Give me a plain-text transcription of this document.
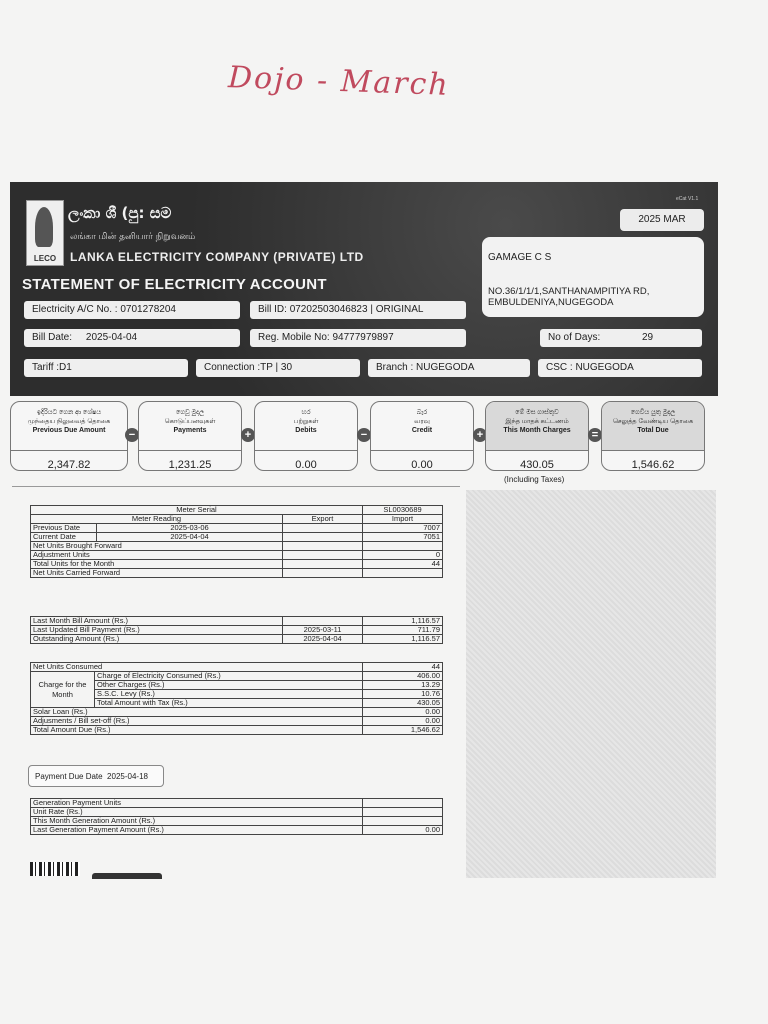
Dojo - March
eCat V1.1
LECO
ලංකා ශී (පු: සම
லங்கா மின் தனியார் நிறுவனம்
LANKA ELECTRICITY COMPANY (PRIVATE) LTD
STATEMENT OF ELECTRICITY ACCOUNT
2025 MAR
GAMAGE C S
NO.36/1/1/1,SANTHANAMPITIYA RD,
EMBULDENIYA,NUGEGODA
Electricity A/C No. : 0701278204	Bill ID: 07202503046823 | ORIGINAL
Bill Date: 2025-04-04	Reg. Mobile No: 94777979897	No of Days:	29
Tariff :D1	Connection :TP | 30	Branch : NUGEGODA	CSC : NUGEGODA
ඉදිරියට ගෙන ආ ශේෂය
முந்தைய நிலுவைத் தொகை
Previous Due Amount
2,347.82
−
ගෙවූ මුදල
கொடுப்பனவுகள்
Payments
1,231.25
+
හර
பற்றுகள்
Debits
0.00
−
බැර
வரவு
Credit
0.00
+
මේ මස ගාස්තුව
இந்த மாதக் கட்டணம்
This Month Charges
430.05
=
ගෙවිය යුතු මුදල
செலுத்த வேண்டிய தொகை
Total Due
1,546.62
(Including Taxes)
Meter Serial			SL0030689
Meter Reading		Export	Import
Previous Date	2025-03-06		7007
Current Date	2025-04-04		7051
Net Units Brought Forward			
Adjustment Units			0
Total Units for the Month			44
Net Units Carried Forward			
Last Month Bill Amount (Rs.)		1,116.57
Last Updated Bill Payment (Rs.)	2025-03-11	711.79
Outstanding Amount (Rs.)	2025-04-04	1,116.57
Net Units Consumed		44
Charge for the Month	Charge of Electricity Consumed (Rs.)	406.00
	Other Charges (Rs.)	13.29
	S.S.C. Levy (Rs.)	10.76
	Total Amount with Tax (Rs.)	430.05
Solar Loan (Rs.)		0.00
Adjusments / Bill set-off (Rs.)		0.00
Total Amount Due (Rs.)		1,546.62
Payment Due Date 2025-04-18
Generation Payment Units	
Unit Rate (Rs.)	
This Month Generation Amount (Rs.)	
Last Generation Payment Amount (Rs.)	0.00
